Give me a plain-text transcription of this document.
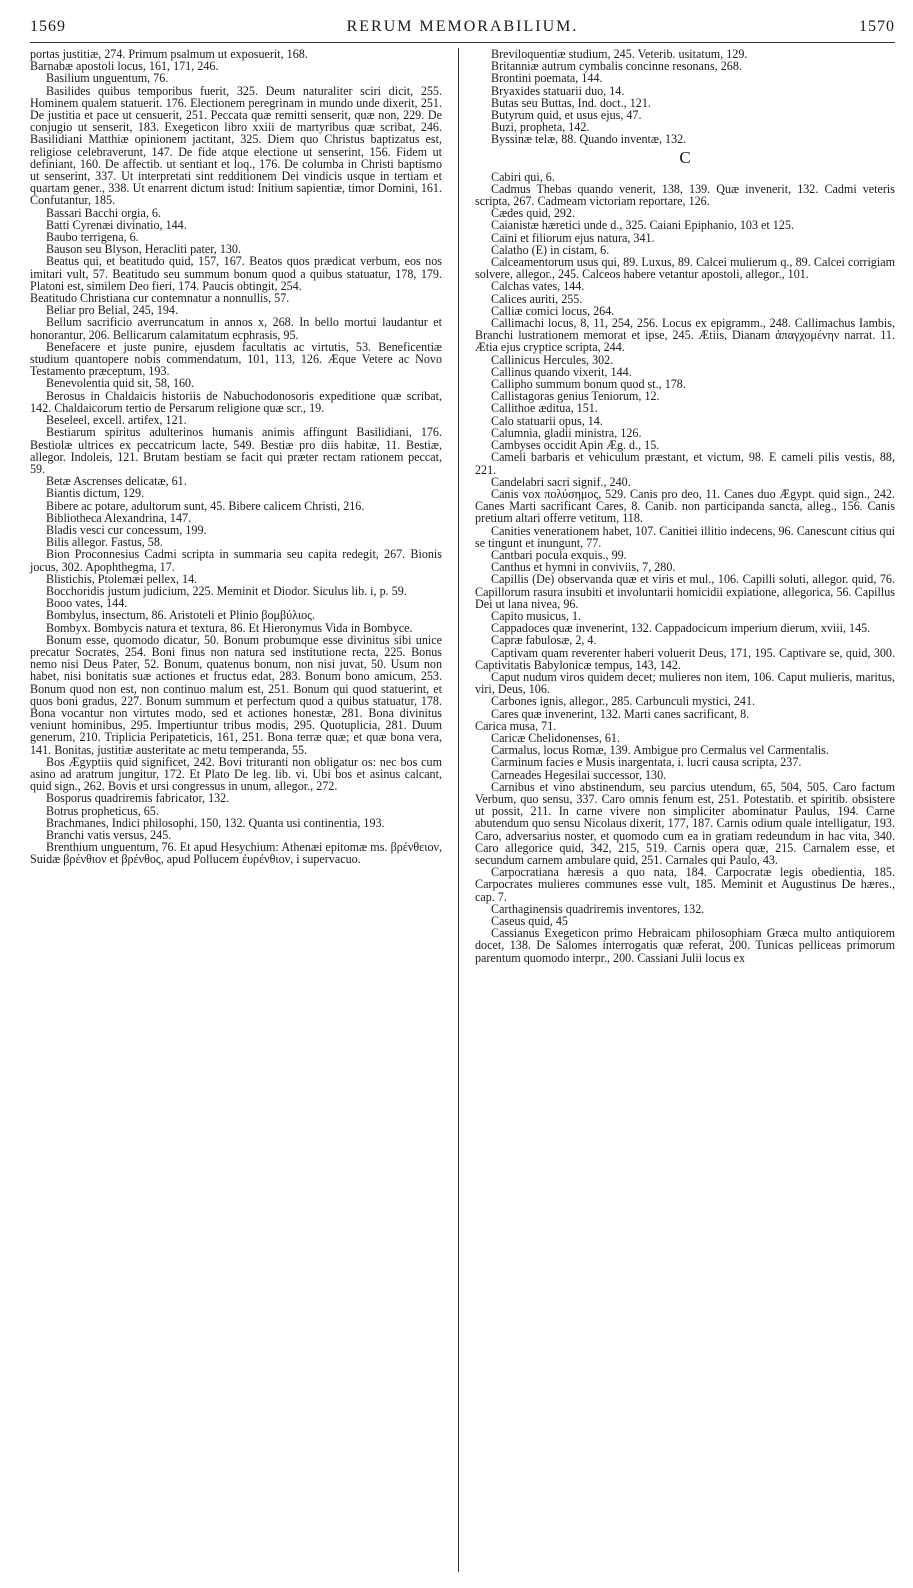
1569	RERUM MEMORABILIUM.	1570

portas justitiæ, 274. Primum psalmum ut exposuerit, 168.

Barnabæ apostoli locus, 161, 171, 246.

Basilium unguentum, 76.

Basilides quibus temporibus fuerit, 325. Deum naturaliter sciri dicit, 255. Hominem qualem statuerit. 176. Electionem peregrinam in mundo unde dixerit, 251. De justitia et pace ut censuerit, 251. Peccata quæ remitti senserit, quæ non, 229. De conjugio ut senserit, 183. Exegeticon libro xxiii de martyribus quæ scribat, 246. Basilidiani Matthiæ opinionem jactitant, 325. Diem quo Christus baptizatus est, religiose celebraverunt, 147. De fide atque electione ut senserint, 156. Fidem ut definiant, 160. De affectib. ut sentiant et loq., 176. De columba in Christi baptismo ut senserint, 337. Ut interpretati sint redditionem Dei vindicis usque in tertiam et quartam gener., 338. Ut enarrent dictum istud: Initium sapientiæ, timor Domini, 161. Confutantur, 185.

Bassari Bacchi orgia, 6.

Batti Cyrenæi divinatio, 144.

Baubo terrigena, 6.

Bauson seu Blyson, Heracliti pater, 130.

Beatus qui, et beatitudo quid, 157, 167. Beatos quos prædicat verbum, eos nos imitari vult, 57. Beatitudo seu summum bonum quod a quibus statuatur, 178, 179. Platoni est, similem Deo fieri, 174. Paucis obtingit, 254.

Beatitudo Christiana cur contemnatur a nonnullis, 57.

Beliar pro Belial, 245, 194.

Bellum sacrificio averruncatum in annos x, 268. In bello mortui laudantur et honorantur, 206. Bellicarum calamitatum ecphrasis, 95.

Benefacere et juste punire, ejusdem facultatis ac virtutis, 53. Beneficentiæ studium quantopere nobis commendatum, 101, 113, 126. Æque Vetere ac Novo Testamento præceptum, 193.

Benevolentia quid sit, 58, 160.

Berosus in Chaldaicis historiis de Nabuchodonosoris expeditione quæ scribat, 142. Chaldaicorum tertio de Persarum religione quæ scr., 19.

Beseleel, excell. artifex, 121.

Bestiarum spiritus adulterinos humanis animis affingunt Basilidiani, 176. Bestiolæ ultrices ex peccatricum lacte, 549. Bestiæ pro diis habitæ, 11. Bestiæ, allegor. Indoleis, 121. Brutam bestiam se facit qui præter rectam rationem peccat, 59.

Betæ Ascrenses delicatæ, 61.

Biantis dictum, 129.

Bibere ac potare, adultorum sunt, 45. Bibere calicem Christi, 216.

Bibliotheca Alexandrina, 147.

Bladis vesci cur concessum, 199.

Bilis allegor. Fastus, 58.

Bion Proconnesius Cadmi scripta in summaria seu capita redegit, 267. Bionis jocus, 302. Apophthegma, 17.

Blistichis, Ptolemæi pellex, 14.

Bocchoridis justum judicium, 225. Meminit et Diodor. Siculus lib. i, p. 59.

Booo vates, 144.

Bombylus, insectum, 86. Aristoteli et Plinio βομβύλιος.

Bombyx. Bombycis natura et textura, 86. Et Hieronymus Vida in Bombyce.

Bonum esse, quomodo dicatur, 50. Bonum probumque esse divinitus sibi unice precatur Socrates, 254. Boni finus non natura sed institutione recta, 225. Bonus nemo nisi Deus Pater, 52. Bonum, quatenus bonum, non nisi juvat, 50. Usum non habet, nisi bonitatis suæ actiones et fructus edat, 283. Bonum bono amicum, 253. Bonum quod non est, non continuo malum est, 251. Bonum qui quod statuerint, et quos boni gradus, 227. Bonum summum et perfectum quod a quibus statuatur, 178. Bona vocantur non virtutes modo, sed et actiones honestæ, 281. Bona divinitus veniunt hominibus, 295. Impertiuntur tribus modis, 295. Quotuplicia, 281. Duum generum, 210. Triplicia Peripateticis, 161, 251. Bona terræ quæ; et quæ bona vera, 141. Bonitas, justitiæ austeritate ac metu temperanda, 55.

Bos Ægyptiis quid significet, 242. Bovi trituranti non obligatur os: nec bos cum asino ad aratrum jungitur, 172. Et Plato De leg. lib. vi. Ubi bos et asinus calcant, quid sign., 262. Bovis et ursi congressus in unum, allegor., 272.

Bosporus quadriremis fabricator, 132.

Botrus propheticus, 65.

Brachmanes, Indici philosophi, 150, 132. Quanta usi continentia, 193.

Branchi vatis versus, 245.

Brenthium unguentum, 76. Et apud Hesychium: Athenæi epitomæ ms. βρένθειον, Suidæ βρένθιον et βρένθος, apud Pollucem ἐυρένθιον, i supervacuo.

Breviloquentiæ studium, 245. Veterib. usitatum, 129.

Britanniæ autrum cymbalis concinne resonans, 268.

Brontini poemata, 144.

Bryaxides statuarii duo, 14.

Butas seu Buttas, Ind. doct., 121.

Butyrum quid, et usus ejus, 47.

Buzi, propheta, 142.

Byssinæ telæ, 88. Quando inventæ, 132.

C

Cabiri qui, 6.

Cadmus Thebas quando venerit, 138, 139. Quæ invenerit, 132. Cadmi veteris scripta, 267. Cadmeam victoriam reportare, 126.

Cædes quid, 292.

Caianistæ hæretici unde d., 325. Caiani Epiphanio, 103 et 125.

Caini et filiorum ejus natura, 341.

Calatho (E) in cistam, 6.

Calceamentorum usus qui, 89. Luxus, 89. Calcei mulierum q., 89. Calcei corrigiam solvere, allegor., 245. Calceos habere vetantur apostoli, allegor., 101.

Calchas vates, 144.

Calices auriti, 255.

Calliæ comici locus, 264.

Callimachi locus, 8, 11, 254, 256. Locus ex epigramm., 248. Callimachus Iambis, Branchi lustrationem memorat et ipse, 245. Ætiis, Dianam ἀπαγχομένην narrat. 11. Ætia ejus cryptice scripta, 244.

Callinicus Hercules, 302.

Callinus quando vixerit, 144.

Callipho summum bonum quod st., 178.

Callistagoras genius Teniorum, 12.

Callithoe æditua, 151.

Calo statuarii opus, 14.

Calumnia, gladii ministra, 126.

Cambyses occidit Apin Æg. d., 15.

Cameli barbaris et vehiculum præstant, et victum, 98. E cameli pilis vestis, 88, 221.

Candelabri sacri signif., 240.

Canis vox πολύσημος, 529. Canis pro deo, 11. Canes duo Ægypt. quid sign., 242. Canes Marti sacrificant Cares, 8. Canib. non participanda sancta, alleg., 156. Canis pretium altari offerre vetitum, 118.

Canities venerationem habet, 107. Canitiei illitio indecens, 96. Canescunt citius qui se tingunt et inungunt, 77.

Cantbari pocula exquis., 99.

Canthus et hymni in conviviis, 7, 280.

Capillis (De) observanda quæ et viris et mul., 106. Capilli soluti, allegor. quid, 76. Capillorum rasura insubiti et involuntarii homicidii expiatione, allegorica, 56. Capillus Dei ut lana nivea, 96.

Capito musicus, 1.

Cappadoces quæ invenerint, 132. Cappadocicum imperium dierum, xviii, 145.

Capræ fabulosæ, 2, 4.

Captivam quam reverenter haberi voluerit Deus, 171, 195. Captivare se, quid, 300. Captivitatis Babylonicæ tempus, 143, 142.

Caput nudum viros quidem decet; mulieres non item, 106. Caput mulieris, maritus, viri, Deus, 106.

Carbones ignis, allegor., 285. Carbunculi mystici, 241.

Cares quæ invenerint, 132. Marti canes sacrificant, 8.

Carica musa, 71.

Caricæ Chelidonenses, 61.

Carmalus, locus Romæ, 139. Ambigue pro Cermalus vel Carmentalis.

Carminum facies e Musis inargentata, i. lucri causa scripta, 237.

Carneades Hegesilai successor, 130.

Carnibus et vino abstinendum, seu parcius utendum, 65, 504, 505. Caro factum Verbum, quo sensu, 337. Caro omnis fenum est, 251. Potestatib. et spiritib. obsistere ut possit, 211. In carne vivere non simpliciter abominatur Paulus, 194. Carne abutendum quo sensu Nicolaus dixerit, 177, 187. Carnis odium quale intelligatur, 193. Caro, adversarius noster, et quomodo cum ea in gratiam redeundum in hac vita, 340. Caro allegorice quid, 342, 215, 519. Carnis opera quæ, 215. Carnalem esse, et secundum carnem ambulare quid, 251. Carnales qui Paulo, 43.

Carpocratiana hæresis a quo nata, 184. Carpocratæ legis obedientia, 185. Carpocrates mulieres communes esse vult, 185. Meminit et Augustinus De hæres., cap. 7.

Carthaginensis quadriremis inventores, 132.

Caseus quid, 45

Cassianus Exegeticon primo Hebraicam philosophiam Græca multo antiquiorem docet, 138. De Salomes interrogatis quæ referat, 200. Tunicas pelliceas primorum parentum quomodo interpr., 200. Cassiani Julii locus ex
